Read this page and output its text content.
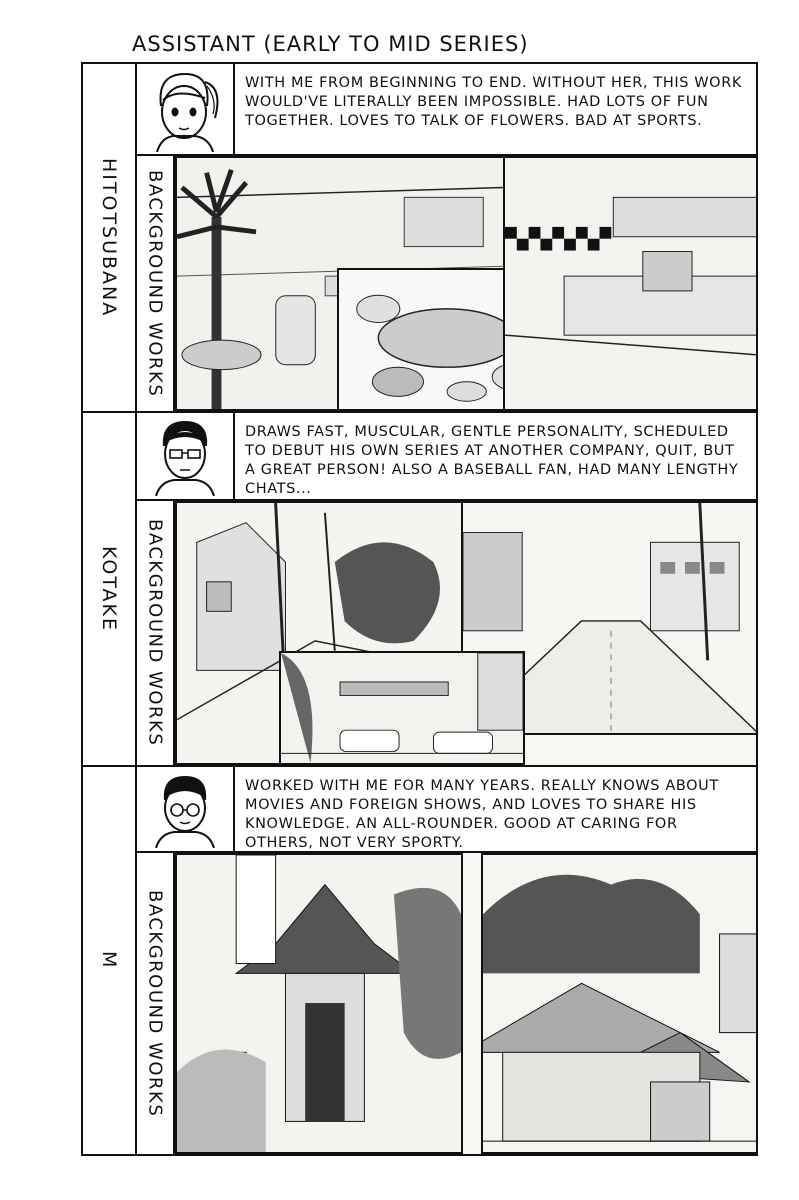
ASSISTANT (EARLY TO MID SERIES)
HITOTSUBANA
WITH ME FROM BEGINNING TO END. WITHOUT HER, THIS WORK WOULD'VE LITERALLY BEEN IMPOSSIBLE. HAD LOTS OF FUN TOGETHER. LOVES TO TALK OF FLOWERS. BAD AT SPORTS.
BACKGROUND WORKS
KOTAKE
DRAWS FAST, MUSCULAR, GENTLE PERSONALITY, SCHEDULED TO DEBUT HIS OWN SERIES AT ANOTHER COMPANY, QUIT, BUT A GREAT PERSON! ALSO A BASEBALL FAN, HAD MANY LENGTHY CHATS...
BACKGROUND WORKS
M
WORKED WITH ME FOR MANY YEARS. REALLY KNOWS ABOUT MOVIES AND FOREIGN SHOWS, AND LOVES TO SHARE HIS KNOWLEDGE. AN ALL-ROUNDER. GOOD AT CARING FOR OTHERS, NOT VERY SPORTY.
BACKGROUND WORKS
